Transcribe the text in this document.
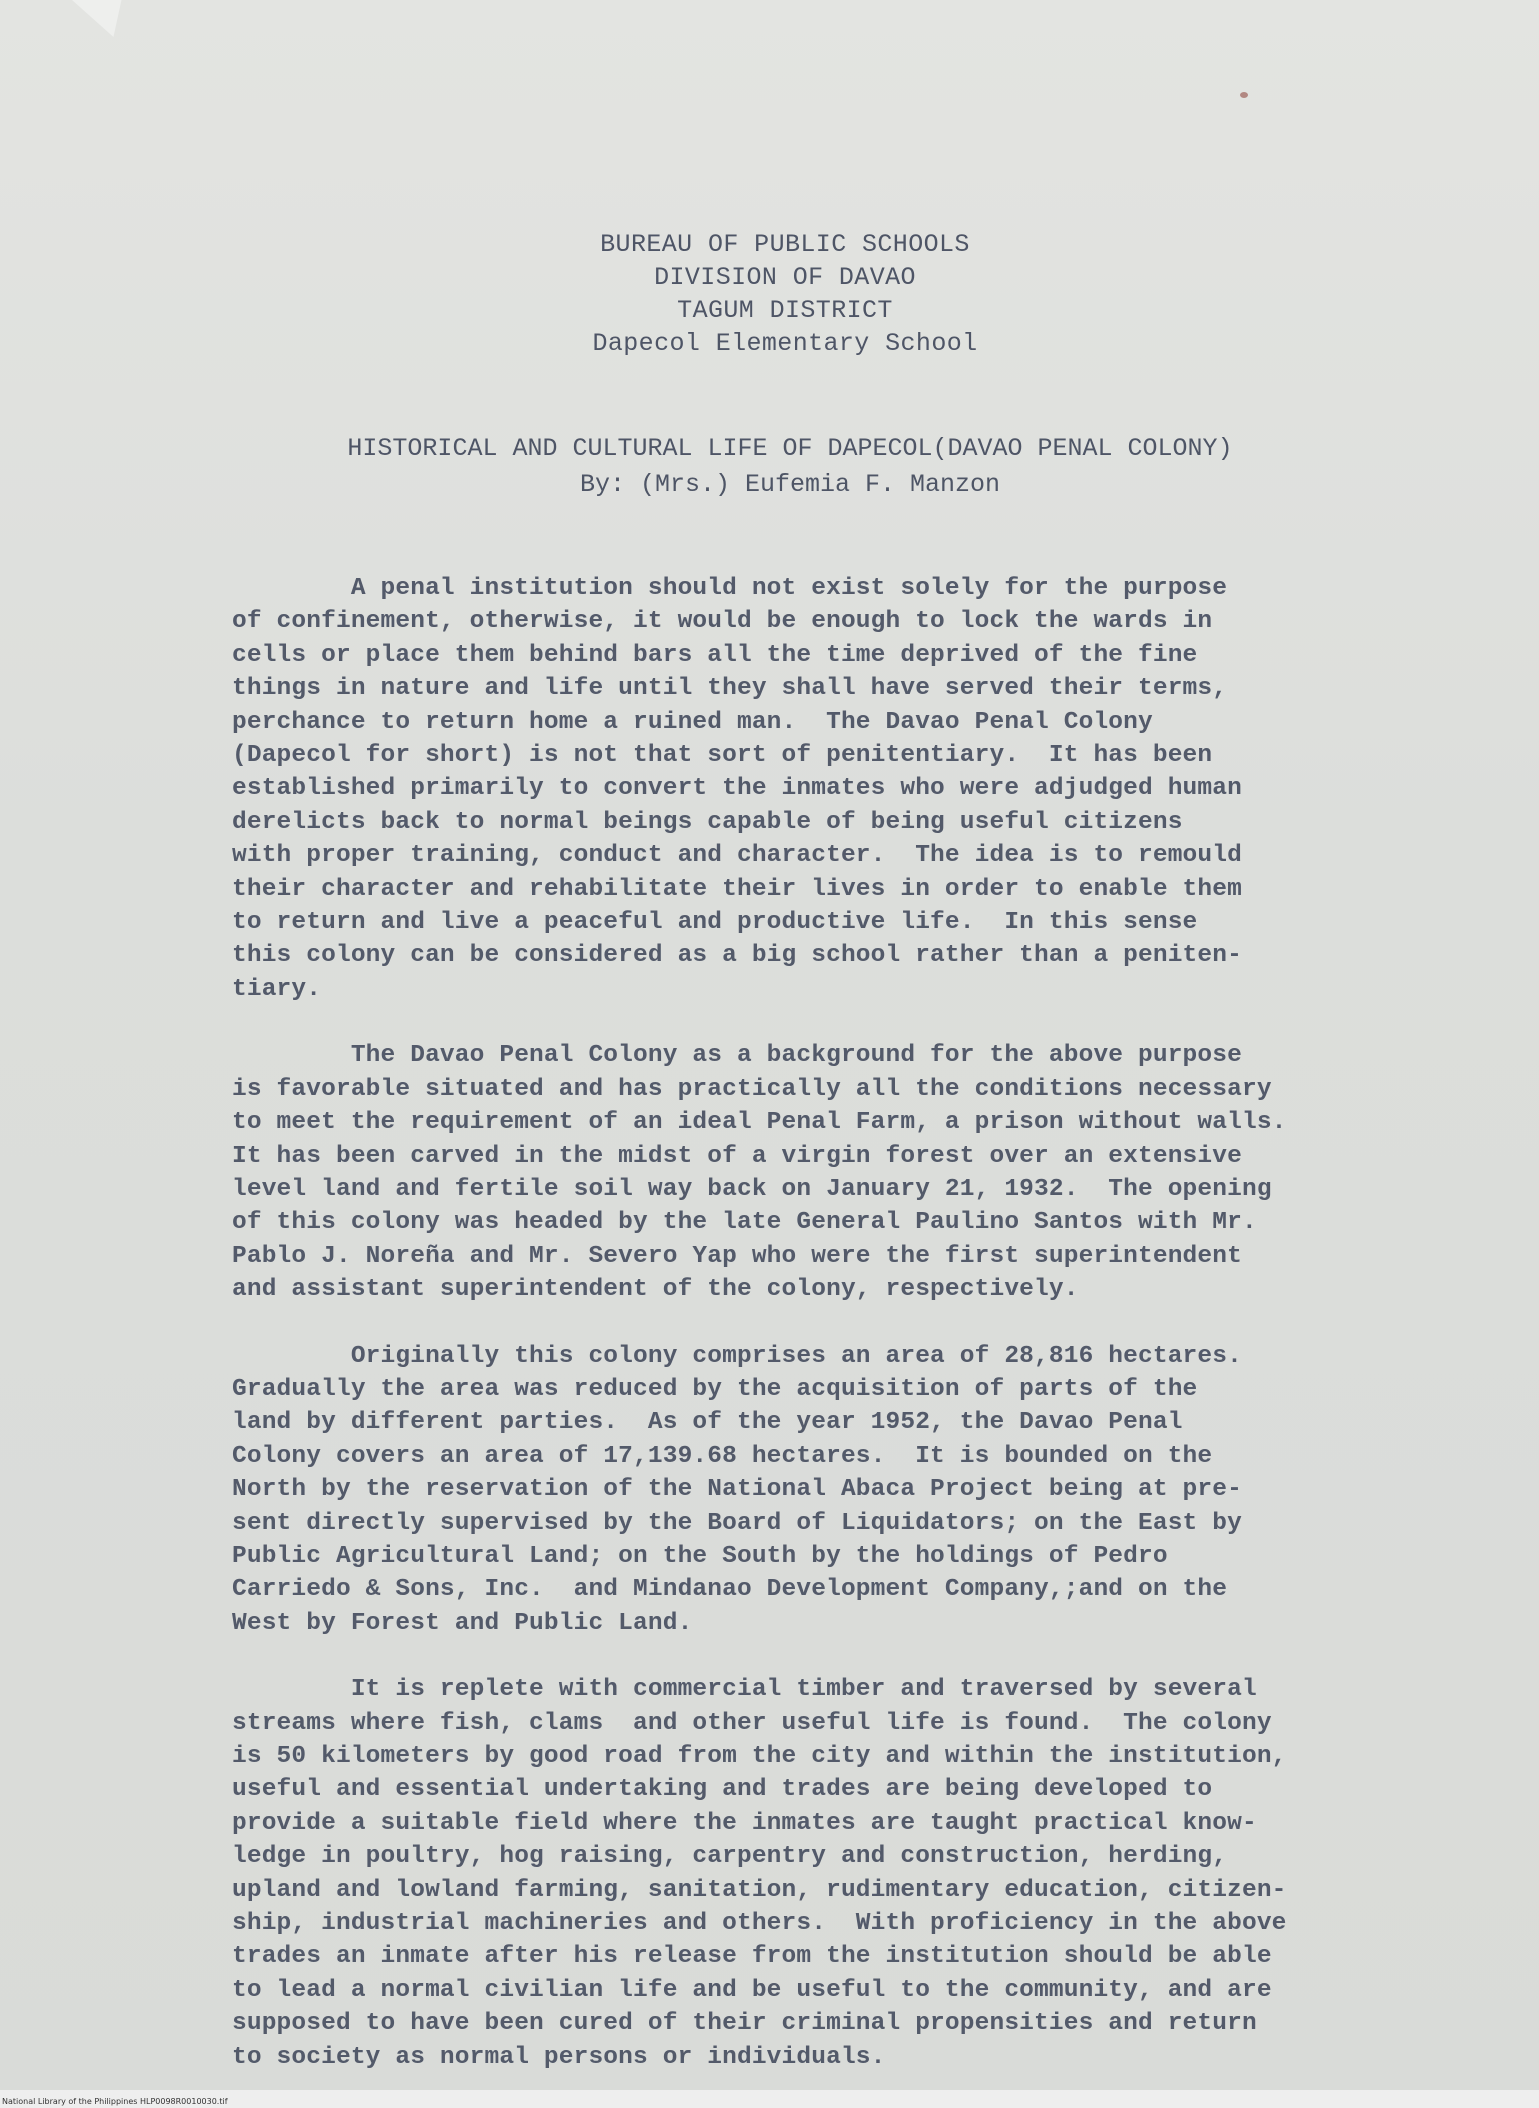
BUREAU OF PUBLIC SCHOOLS
DIVISION OF DAVAO
TAGUM DISTRICT
Dapecol Elementary School
HISTORICAL AND CULTURAL LIFE OF DAPECOL(DAVAO PENAL COLONY)
By: (Mrs.) Eufemia F. Manzon

A penal institution should not exist solely for the purpose
of confinement, otherwise, it would be enough to lock the wards in
cells or place them behind bars all the time deprived of the fine
things in nature and life until they shall have served their terms,
perchance to return home a ruined man.  The Davao Penal Colony
(Dapecol for short) is not that sort of penitentiary.  It has been
established primarily to convert the inmates who were adjudged human
derelicts back to normal beings capable of being useful citizens
with proper training, conduct and character.  The idea is to remould
their character and rehabilitate their lives in order to enable them
to return and live a peaceful and productive life.  In this sense
this colony can be considered as a big school rather than a peniten-
tiary.

The Davao Penal Colony as a background for the above purpose
is favorable situated and has practically all the conditions necessary
to meet the requirement of an ideal Penal Farm, a prison without walls.
It has been carved in the midst of a virgin forest over an extensive
level land and fertile soil way back on January 21, 1932.  The opening
of this colony was headed by the late General Paulino Santos with Mr.
Pablo J. Noreña and Mr. Severo Yap who were the first superintendent
and assistant superintendent of the colony, respectively.

Originally this colony comprises an area of 28,816 hectares.
Gradually the area was reduced by the acquisition of parts of the
land by different parties.  As of the year 1952, the Davao Penal
Colony covers an area of 17,139.68 hectares.  It is bounded on the
North by the reservation of the National Abaca Project being at pre-
sent directly supervised by the Board of Liquidators; on the East by
Public Agricultural Land; on the South by the holdings of Pedro
Carriedo & Sons, Inc.  and Mindanao Development Company,;and on the
West by Forest and Public Land.

It is replete with commercial timber and traversed by several
streams where fish, clams  and other useful life is found.  The colony
is 50 kilometers by good road from the city and within the institution,
useful and essential undertaking and trades are being developed to
provide a suitable field where the inmates are taught practical know-
ledge in poultry, hog raising, carpentry and construction, herding,
upland and lowland farming, sanitation, rudimentary education, citizen-
ship, industrial machineries and others.  With proficiency in the above
trades an inmate after his release from the institution should be able
to lead a normal civilian life and be useful to the community, and are
supposed to have been cured of their criminal propensities and return
to society as normal persons or individuals.

National Library of the Philippines HLP0098R0010030.tif
